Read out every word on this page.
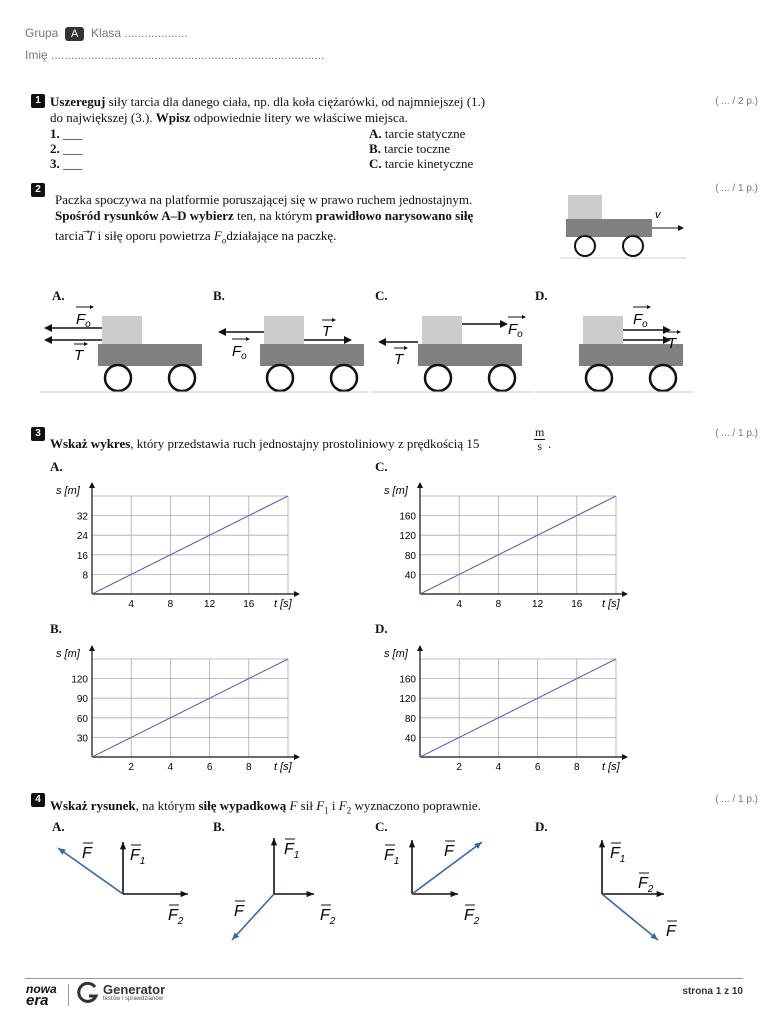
Grupa A Klasa ...................
Imię ..................................................................................
1	( ... / 2 p.)
Uszereguj siły tarcia dla danego ciała, np. dla koła ciężarówki, od najmniejszej (1.)
do największej (3.). Wpisz odpowiednie litery we właściwe miejsca.
1. ___
2. ___
3. ___
A. tarcie statyczne
B. tarcie toczne
C. tarcie kinetyczne
2	( ... / 1 p.)
Paczka spoczywa na platformie poruszającej się w prawo ruchem jednostajnym.
Spośród rysunków A–D wybierz ten, na którym prawidłowo narysowano siłę
tarcia T i siłę oporu powietrza $F_odziałające$ na paczkę.
v
A.	B.	C.	D.
$F_o$
T
T
$F_o$
$F_o$
T
$F_o$
T
3	( ... / 1 p.)
Wskaż wykres, który przedstawia ruch jednostajny prostoliniowy z prędkością 15
m
s .
A.	C.
B.	D.
4	8	12	16
8
16
24
32
s [m]
t [s]	4	8	12	16
40
80
120
160
s [m]
t [s]
2	4	6	8
30
60
90
120
s [m]
t [s]	2	4	6	8
40
80
120
160
s [m]
t [s]
4	( ... / 1 p.)
Wskaż rysunek, na którym siłę wypadkową F sił $F_1$ i $F_2$ wyznaczono poprawnie.
A.	B.	C.	D.
$F_1$
$F_2$
F	$F_1$
$F_2$
F
$F_1$
$F_2$
F	$F_1$
$F_2$
F
nowa
era
Generator
testów i sprawdzianów
strona 1 z 10
